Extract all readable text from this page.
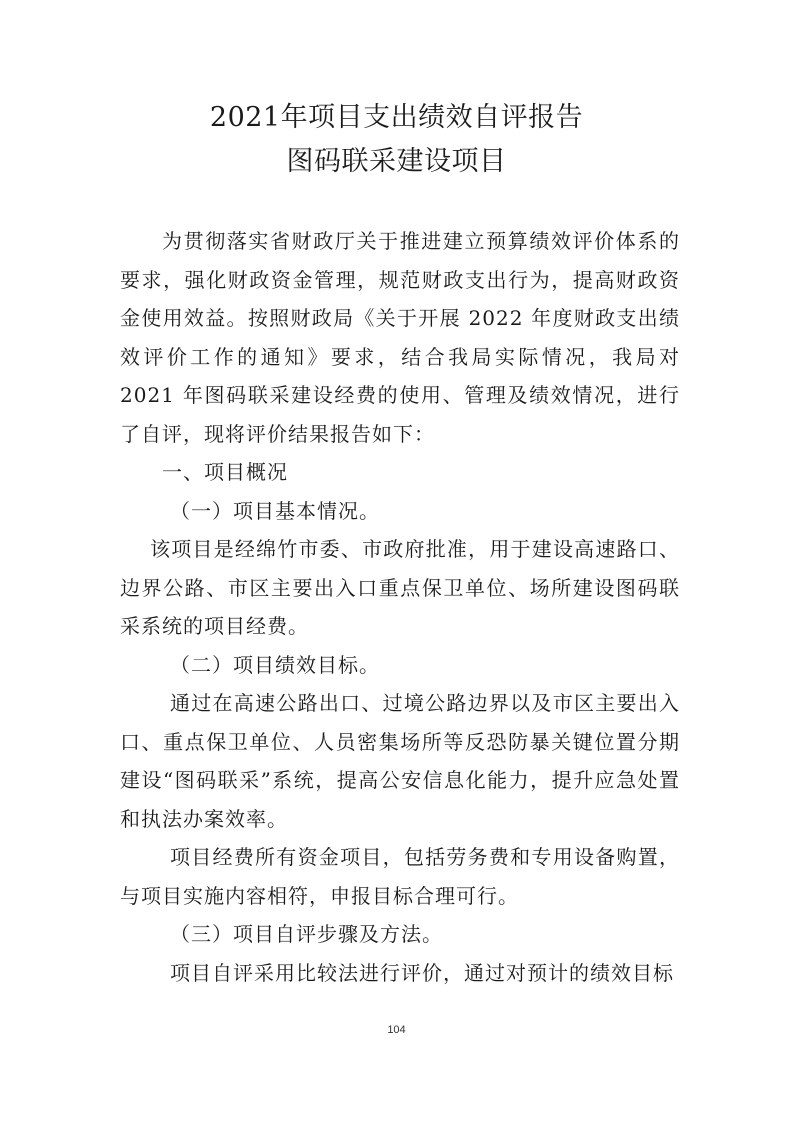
2021年项目支出绩效自评报告
图码联采建设项目

为贯彻落实省财政厅关于推进建立预算绩效评价体系的要求，强化财政资金管理，规范财政支出行为，提高财政资金使用效益。按照财政局《关于开展 2022 年度财政支出绩效评价工作的通知》要求，结合我局实际情况，我局对 2021 年图码联采建设经费的使用、管理及绩效情况，进行了自评，现将评价结果报告如下：

一、项目概况

（一）项目基本情况。

该项目是经绵竹市委、市政府批准，用于建设高速路口、边界公路、市区主要出入口重点保卫单位、场所建设图码联采系统的项目经费。

（二）项目绩效目标。

通过在高速公路出口、过境公路边界以及市区主要出入口、重点保卫单位、人员密集场所等反恐防暴关键位置分期建设“图码联采”系统，提高公安信息化能力，提升应急处置和执法办案效率。

项目经费所有资金项目，包括劳务费和专用设备购置，与项目实施内容相符，申报目标合理可行。

（三）项目自评步骤及方法。

项目自评采用比较法进行评价，通过对预计的绩效目标

104
